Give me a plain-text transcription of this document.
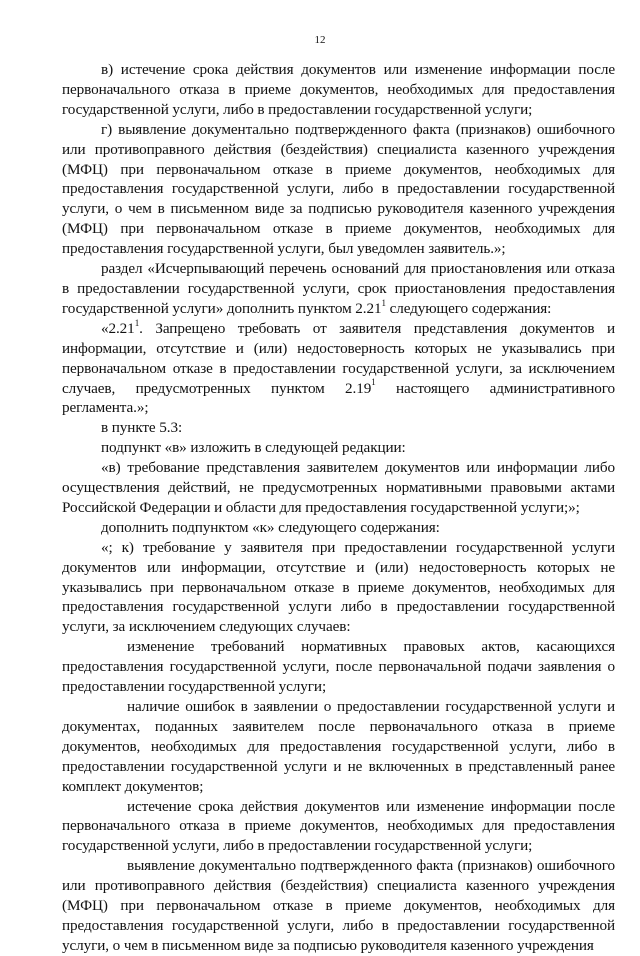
12

в) истечение срока действия документов или изменение информации после первоначального отказа в приеме документов, необходимых для предоставления государственной услуги, либо в предоставлении государственной услуги;

г) выявление документально подтвержденного факта (признаков) ошибочного или противоправного действия (бездействия) специалиста казенного учреждения (МФЦ) при первоначальном отказе в приеме документов, необходимых для предоставления государственной услуги, либо в предоставлении государственной услуги, о чем в письменном виде за подписью руководителя казенного учреждения (МФЦ) при первоначальном отказе в приеме документов, необходимых для предоставления государственной услуги, был уведомлен заявитель.»;

раздел «Исчерпывающий перечень оснований для приостановления или отказа в предоставлении государственной услуги, срок приостановления предоставления государственной услуги» дополнить пунктом 2.21$^1$ следующего содержания:

«2.21$^1$. Запрещено требовать от заявителя представления документов и информации, отсутствие и (или) недостоверность которых не указывались при первоначальном отказе в предоставлении государственной услуги, за исключением случаев, предусмотренных пунктом 2.19$^1$ настоящего административного регламента.»;

в пункте 5.3:

подпункт «в» изложить в следующей редакции:

«в) требование представления заявителем документов или информации либо осуществления действий, не предусмотренных нормативными правовыми актами Российской Федерации и области для предоставления государственной услуги;»;

дополнить подпунктом «к» следующего содержания:

«; к) требование у заявителя при предоставлении государственной услуги документов или информации, отсутствие и (или) недостоверность которых не указывались при первоначальном отказе в приеме документов, необходимых для предоставления государственной услуги либо в предоставлении государственной услуги, за исключением следующих случаев:

изменение требований нормативных правовых актов, касающихся предоставления государственной услуги, после первоначальной подачи заявления о предоставлении государственной услуги;

наличие ошибок в заявлении о предоставлении государственной услуги и документах, поданных заявителем после первоначального отказа в приеме документов, необходимых для предоставления государственной услуги, либо в предоставлении государственной услуги и не включенных в представленный ранее комплект документов;

истечение срока действия документов или изменение информации после первоначального отказа в приеме документов, необходимых для предоставления государственной услуги, либо в предоставлении государственной услуги;

выявление документально подтвержденного факта (признаков) ошибочного или противоправного действия (бездействия) специалиста казенного учреждения (МФЦ) при первоначальном отказе в приеме документов, необходимых для предоставления государственной услуги, либо в предоставлении государственной услуги, о чем в письменном виде за подписью руководителя казенного учреждения
